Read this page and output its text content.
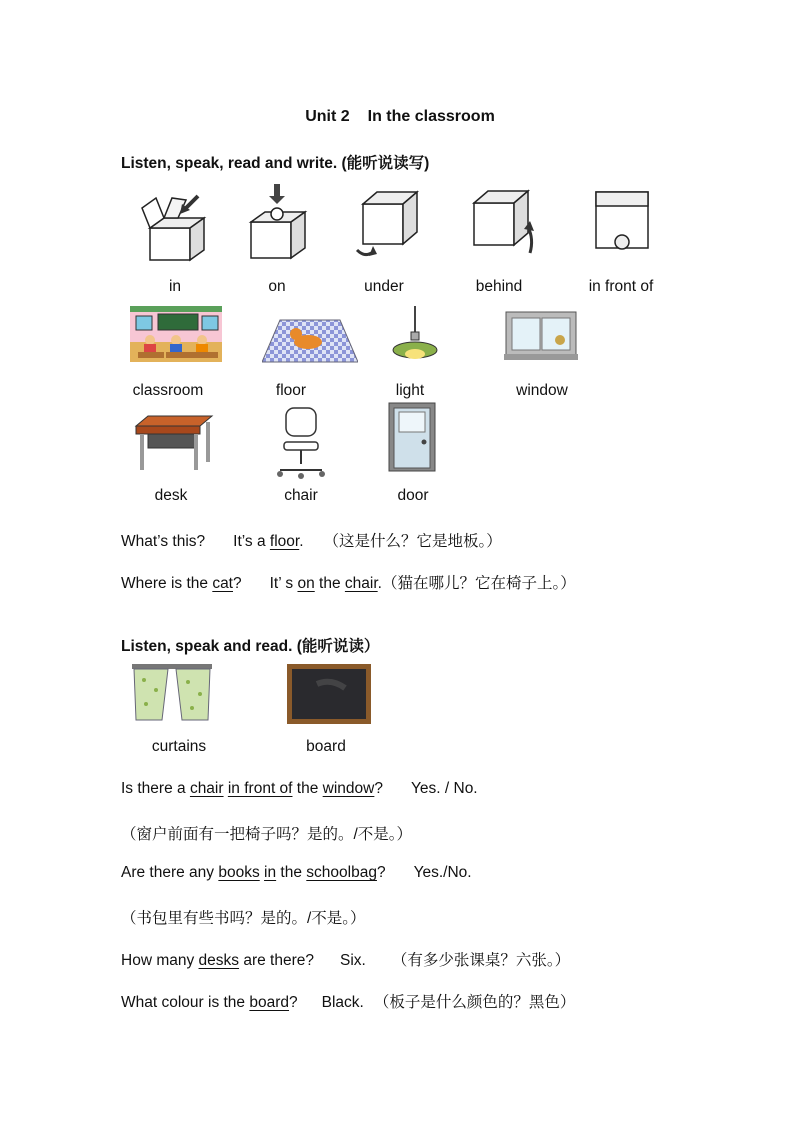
Unit 2 In the classroom
Listen, speak, read and write. (能听说读写)
in	on	under	behind	in front of
classroom	floor	light	window
desk	chair	door
What’s this? It’s a floor. （这是什么？它是地板。）
Where is the cat? It’ s on the chair.（猫在哪儿？它在椅子上。）
Listen, speak and read. (能听说读）
curtains	board
Is there a chair in front of the window? Yes. / No.
（窗户前面有一把椅子吗？是的。/不是。）
Are there any books in the schoolbag? Yes./No.
（书包里有些书吗？是的。/不是。）
How many desks are there? Six. （有多少张课桌？六张。）
What colour is the board? Black. （板子是什么颜色的？黑色）
